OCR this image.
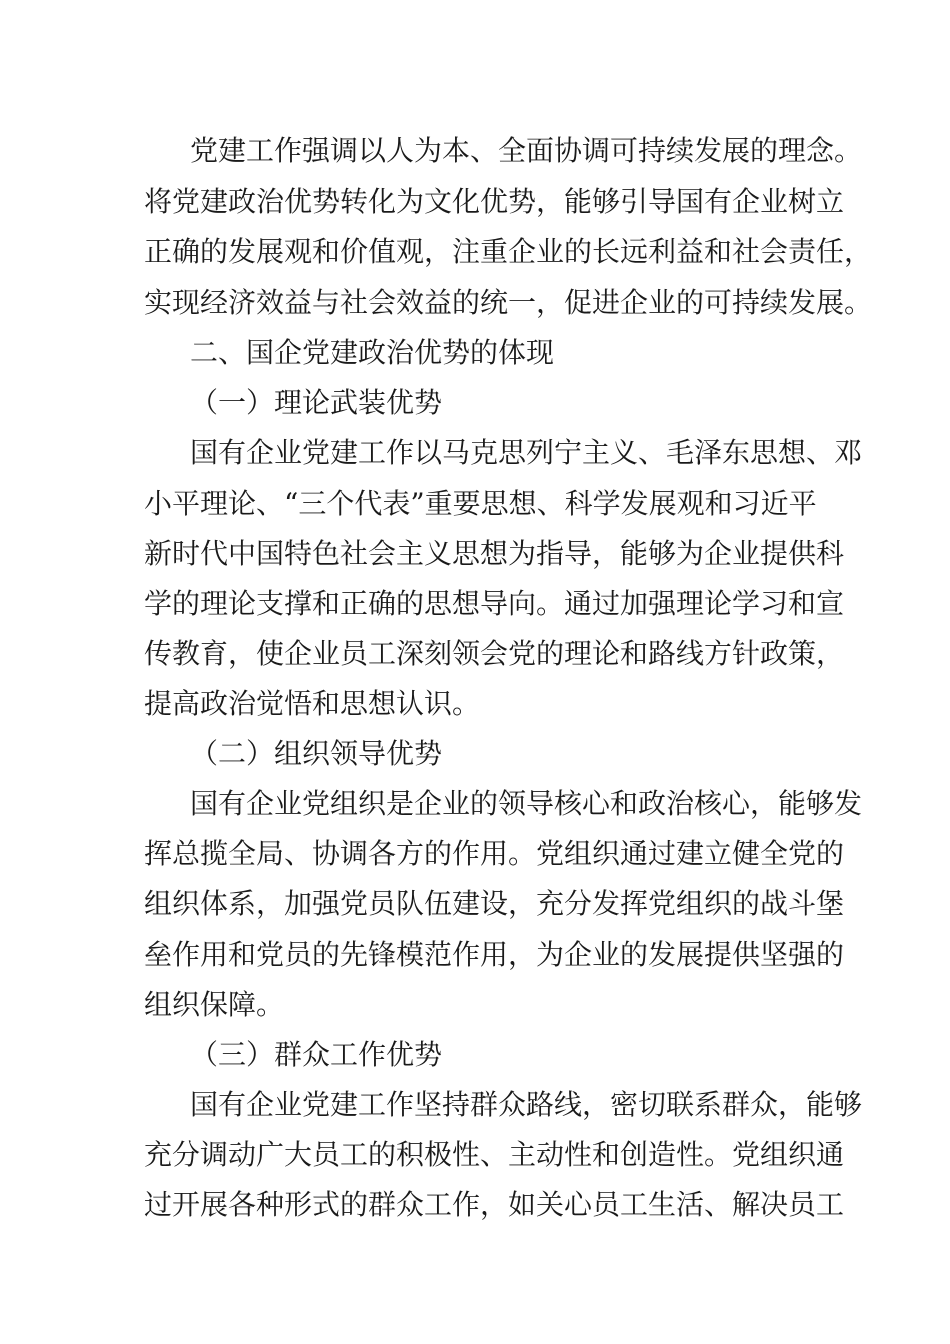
党建工作强调以人为本、全面协调可持续发展的理念。
将党建政治优势转化为文化优势，能够引导国有企业树立
正确的发展观和价值观，注重企业的长远利益和社会责任，
实现经济效益与社会效益的统一，促进企业的可持续发展。
二、国企党建政治优势的体现
（一）理论武装优势
国有企业党建工作以马克思列宁主义、毛泽东思想、邓
小平理论、“三个代表”重要思想、科学发展观和习近平
新时代中国特色社会主义思想为指导，能够为企业提供科
学的理论支撑和正确的思想导向。通过加强理论学习和宣
传教育，使企业员工深刻领会党的理论和路线方针政策，
提高政治觉悟和思想认识。
（二）组织领导优势
国有企业党组织是企业的领导核心和政治核心，能够发
挥总揽全局、协调各方的作用。党组织通过建立健全党的
组织体系，加强党员队伍建设，充分发挥党组织的战斗堡
垒作用和党员的先锋模范作用，为企业的发展提供坚强的
组织保障。
（三）群众工作优势
国有企业党建工作坚持群众路线，密切联系群众，能够
充分调动广大员工的积极性、主动性和创造性。党组织通
过开展各种形式的群众工作，如关心员工生活、解决员工
